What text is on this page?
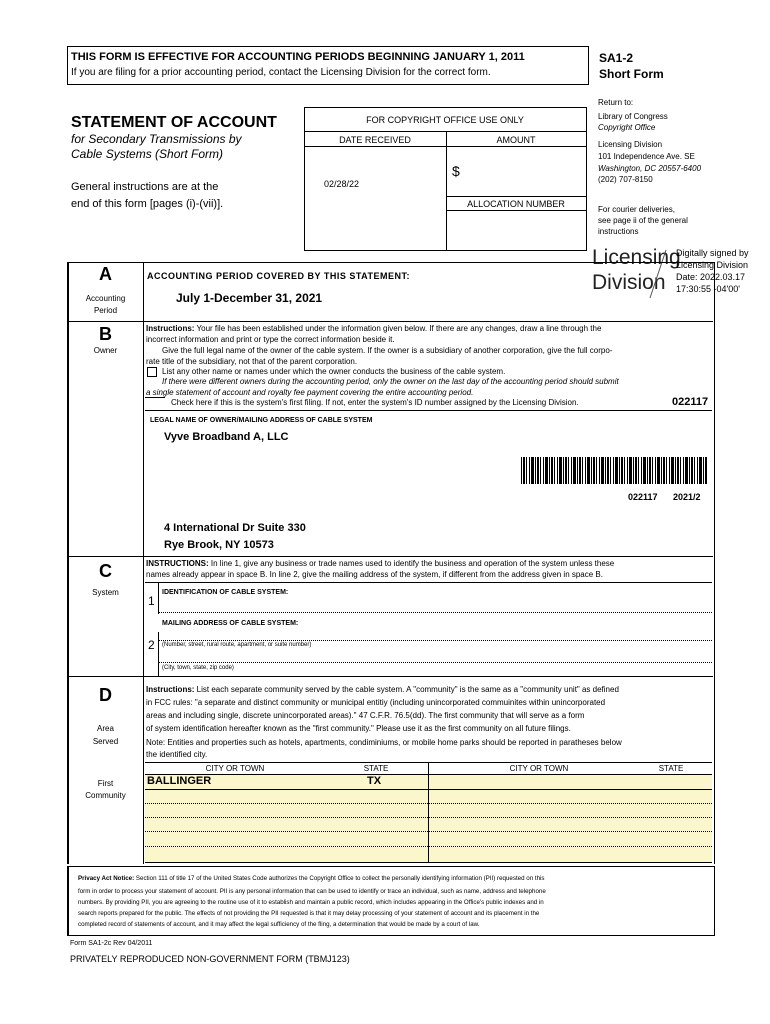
THIS FORM IS EFFECTIVE FOR ACCOUNTING PERIODS BEGINNING JANUARY 1, 2011
If you are filing for a prior accounting period, contact the Licensing Division for the correct form.
SA1-2
Short Form
STATEMENT OF ACCOUNT
for Secondary Transmissions by
Cable Systems (Short Form)
General instructions are at the
end of this form [pages (i)-(vii)].
FOR COPYRIGHT OFFICE USE ONLY
DATE RECEIVED	AMOUNT
$
02/28/22
ALLOCATION NUMBER
Return to:
Library of Congress
Copyright Office
Licensing Division
101 Independence Ave. SE
Washington, DC 20557-6400
(202) 707-8150
For courier deliveries,
see page ii of the general
instructions
Licensing
Division
Digitally signed by
Licensing Division
Date: 2022.03.17
17:30:55 -04'00'
A
Accounting
Period
ACCOUNTING PERIOD COVERED BY THIS STATEMENT:
July 1-December 31, 2021
B
Owner
Instructions: Your file has been established under the information given below. If there are any changes, draw a line through the
incorrect information and print or type the correct information beside it.
Give the full legal name of the owner of the cable system. If the owner is a subsidiary of another corporation, give the full corpo-
rate title of the subsidiary, not that of the parent corporation.
List any other name or names under which the owner conducts the business of the cable system.
If there were different owners during the accounting period, only the owner on the last day of the accounting period should submit
a single statement of account and royalty fee payment covering the entire accounting period.
Check here if this is the system's first filing. If not, enter the system's ID number assigned by the Licensing Division.	022117
LEGAL NAME OF OWNER/MAILING ADDRESS OF CABLE SYSTEM
Vyve Broadband A, LLC
022117 2021/2
4 International Dr Suite 330
Rye Brook, NY 10573
C
System
INSTRUCTIONS: In line 1, give any business or trade names used to identify the business and operation of the system unless these
names already appear in space B. In line 2, give the mailing address of the system, if different from the address given in space B.
1
IDENTIFICATION OF CABLE SYSTEM:
MAILING ADDRESS OF CABLE SYSTEM:
2 (Number, street, rural route, apartment, or suite number)
(City, town, state, zip code)
D
Area
Served
First
Community
Instructions: List each separate community served by the cable system. A "community" is the same as a "community unit" as defined
in FCC rules: "a separate and distinct community or municipal entitiy (including unincorporated commuinites within unincorporated
areas and including single, discrete unincorporated areas)." 47 C.F.R. 76.5(dd). The first community that will serve as a form
of system identification hereafter known as the "first community." Please use it as the first community on all future filings.
Note: Entities and properties such as hotels, apartments, condiminiums, or mobile home parks should be reported in paratheses below
the identified city.
CITY OR TOWN	STATE	CITY OR TOWN	STATE
BALLINGER	TX
Privacy Act Notice: Section 111 of title 17 of the United States Code authorizes the Copyright Office to collect the personally identifying information (PII) requested on this
form in order to process your statement of account. PII is any personal information that can be used to identify or trace an individual, such as name, address and telephone
numbers. By providing PII, you are agreeing to the routine use of it to establish and maintain a public record, which includes appearing in the Office's public indexes and in
search reports prepared for the public. The effects of not providing the PII requested is that it may delay processing of your statement of account and its placement in the
completed record of statements of account, and it may affect the legal sufficiency of the fling, a determination that would be made by a court of law.
Form SA1-2c Rev 04/2011
PRIVATELY REPRODUCED NON-GOVERNMENT FORM (TBMJ123)
